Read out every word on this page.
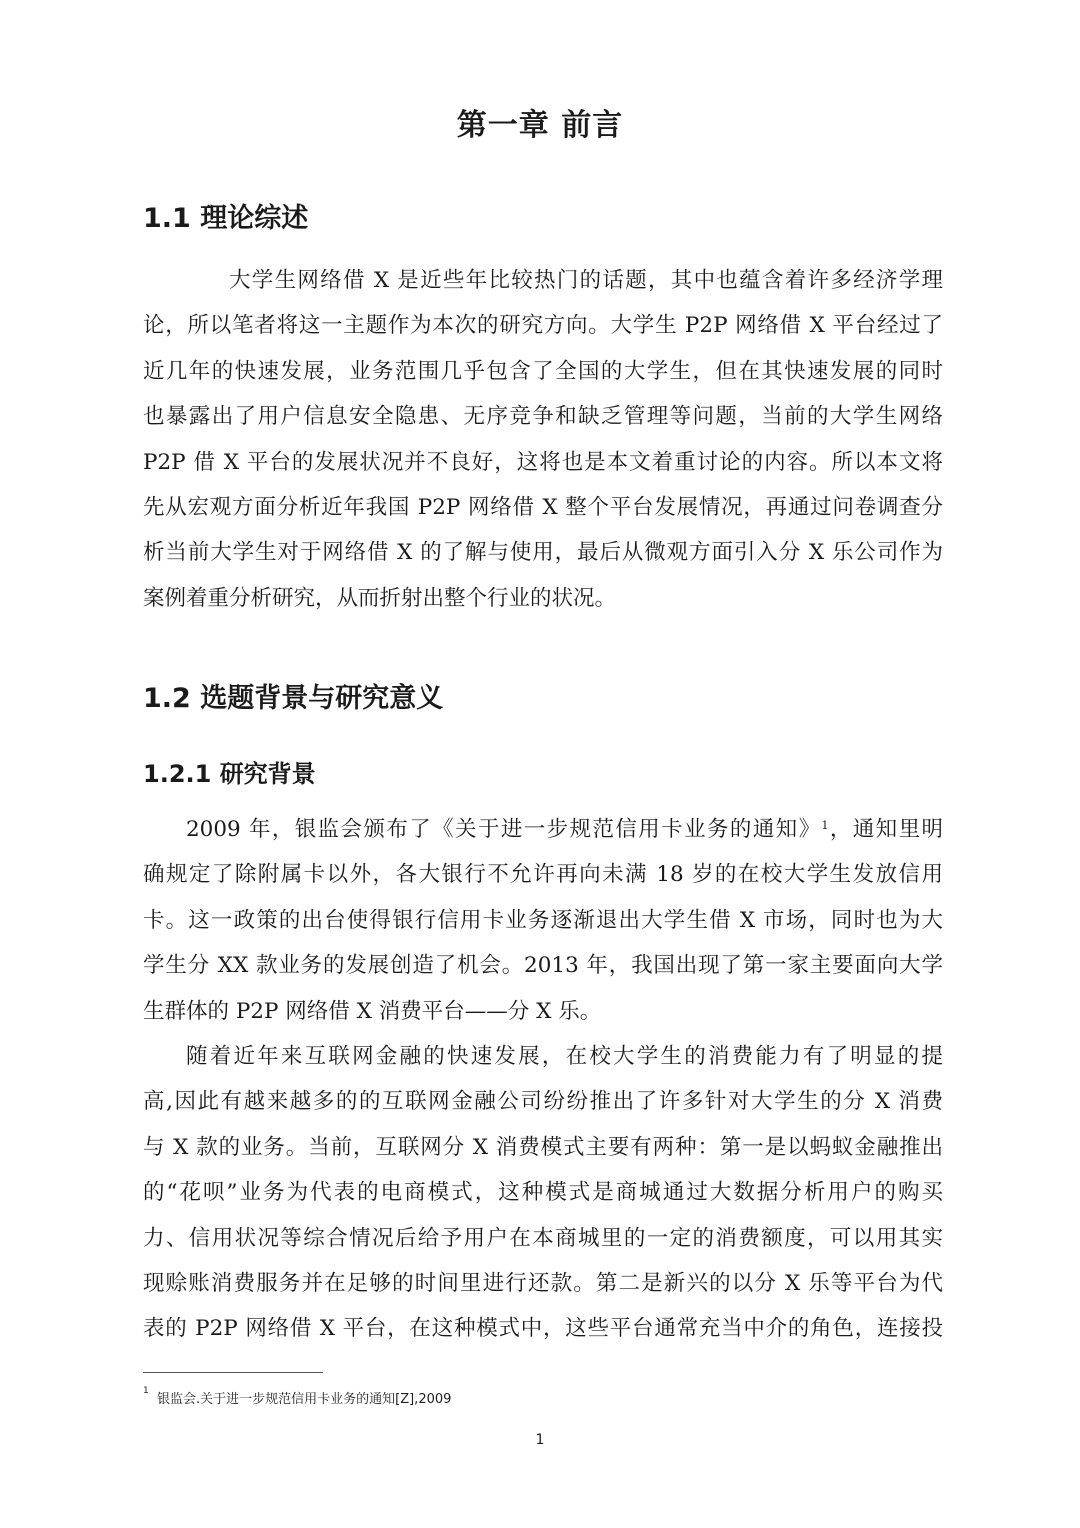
第一章 前言
1.1 理论综述
大学生网络借 X 是近些年比较热门的话题，其中也蕴含着许多经济学理
论，所以笔者将这一主题作为本次的研究方向。大学生 P2P 网络借 X 平台经过了
近几年的快速发展，业务范围几乎包含了全国的大学生，但在其快速发展的同时
也暴露出了用户信息安全隐患、无序竞争和缺乏管理等问题，当前的大学生网络
P2P 借 X 平台的发展状况并不良好，这将也是本文着重讨论的内容。所以本文将
先从宏观方面分析近年我国 P2P 网络借 X 整个平台发展情况，再通过问卷调查分
析当前大学生对于网络借 X 的了解与使用，最后从微观方面引入分 X 乐公司作为
案例着重分析研究，从而折射出整个行业的状况。
1.2 选题背景与研究意义
1.2.1 研究背景
2009 年，银监会颁布了《关于进一步规范信用卡业务的通知》$^1$，通知里明
确规定了除附属卡以外，各大银行不允许再向未满 18 岁的在校大学生发放信用
卡。这一政策的出台使得银行信用卡业务逐渐退出大学生借 X 市场，同时也为大
学生分 XX 款业务的发展创造了机会。2013 年，我国出现了第一家主要面向大学
生群体的 P2P 网络借 X 消费平台——分 X 乐。
随着近年来互联网金融的快速发展，在校大学生的消费能力有了明显的提
高,因此有越来越多的的互联网金融公司纷纷推出了许多针对大学生的分 X 消费
与 X 款的业务。当前，互联网分 X 消费模式主要有两种：第一是以蚂蚁金融推出
的“花呗”业务为代表的电商模式，这种模式是商城通过大数据分析用户的购买
力、信用状况等综合情况后给予用户在本商城里的一定的消费额度，可以用其实
现赊账消费服务并在足够的时间里进行还款。第二是新兴的以分 X 乐等平台为代
表的 P2P 网络借 X 平台，在这种模式中，这些平台通常充当中介的角色，连接投

$^1$  银监会.关于进一步规范信用卡业务的通知[Z],2009

1
